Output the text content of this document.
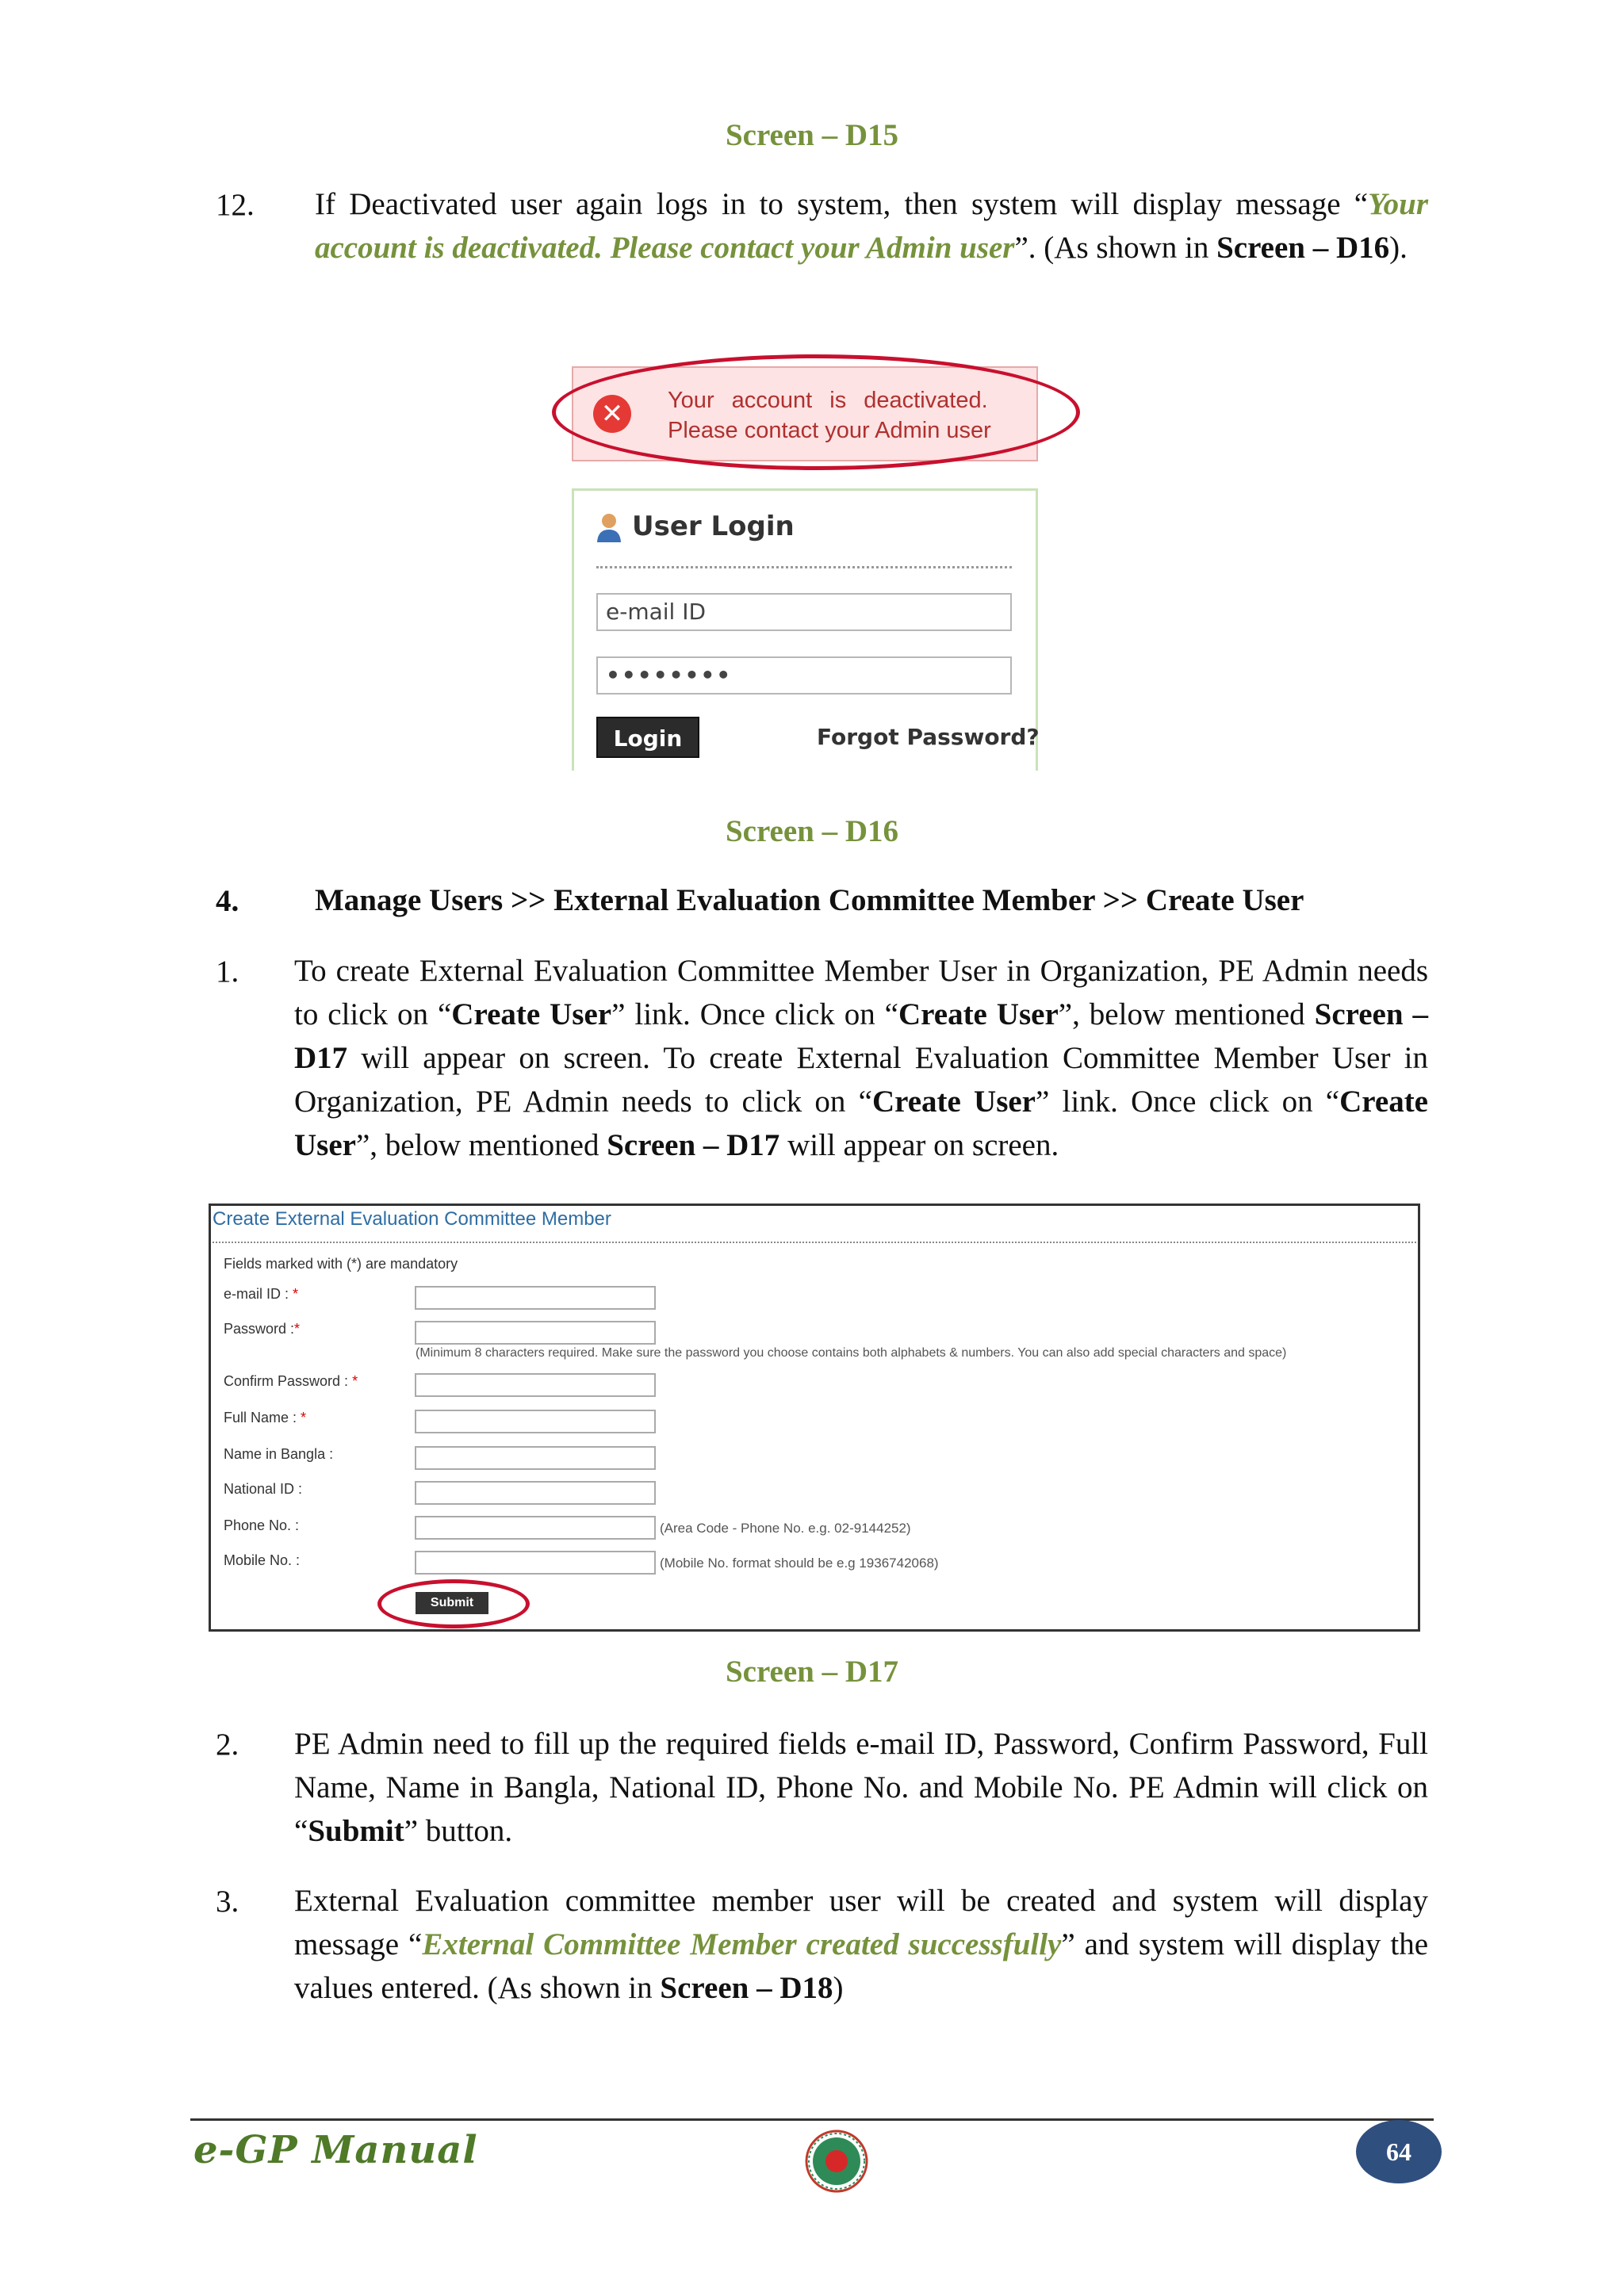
Screen – D15
12. If Deactivated user again logs in to system, then system will display message “Your account is deactivated. Please contact your Admin user”. (As shown in Screen – D16).
✕	Your account is deactivated.
Please contact your Admin user
User Login
e-mail ID
••••••••
Login	Forgot Password?
Screen – D16
4. Manage Users >> External Evaluation Committee Member >> Create User
1. To create External Evaluation Committee Member User in Organization, PE Admin needs to click on “Create User” link. Once click on “Create User”, below mentioned Screen – D17 will appear on screen. To create External Evaluation Committee Member User in Organization, PE Admin needs to click on “Create User” link. Once click on “Create User”, below mentioned Screen – D17 will appear on screen.
Create External Evaluation Committee Member
Fields marked with (*) are mandatory
e-mail ID : *
Password :*
(Minimum 8 characters required. Make sure the password you choose contains both alphabets & numbers. You can also add special characters and space)
Confirm Password : *
Full Name : *
Name in Bangla :
National ID :
Phone No. :	(Area Code - Phone No. e.g. 02-9144252)
Mobile No. :	(Mobile No. format should be e.g 1936742068)
Submit
Screen – D17
2. PE Admin need to fill up the required fields e-mail ID, Password, Confirm Password, Full Name, Name in Bangla, National ID, Phone No. and Mobile No. PE Admin will click on “Submit” button.
3. External Evaluation committee member user will be created and system will display message “External Committee Member created successfully” and system will display the values entered. (As shown in Screen – D18)
e-GP Manual	64
